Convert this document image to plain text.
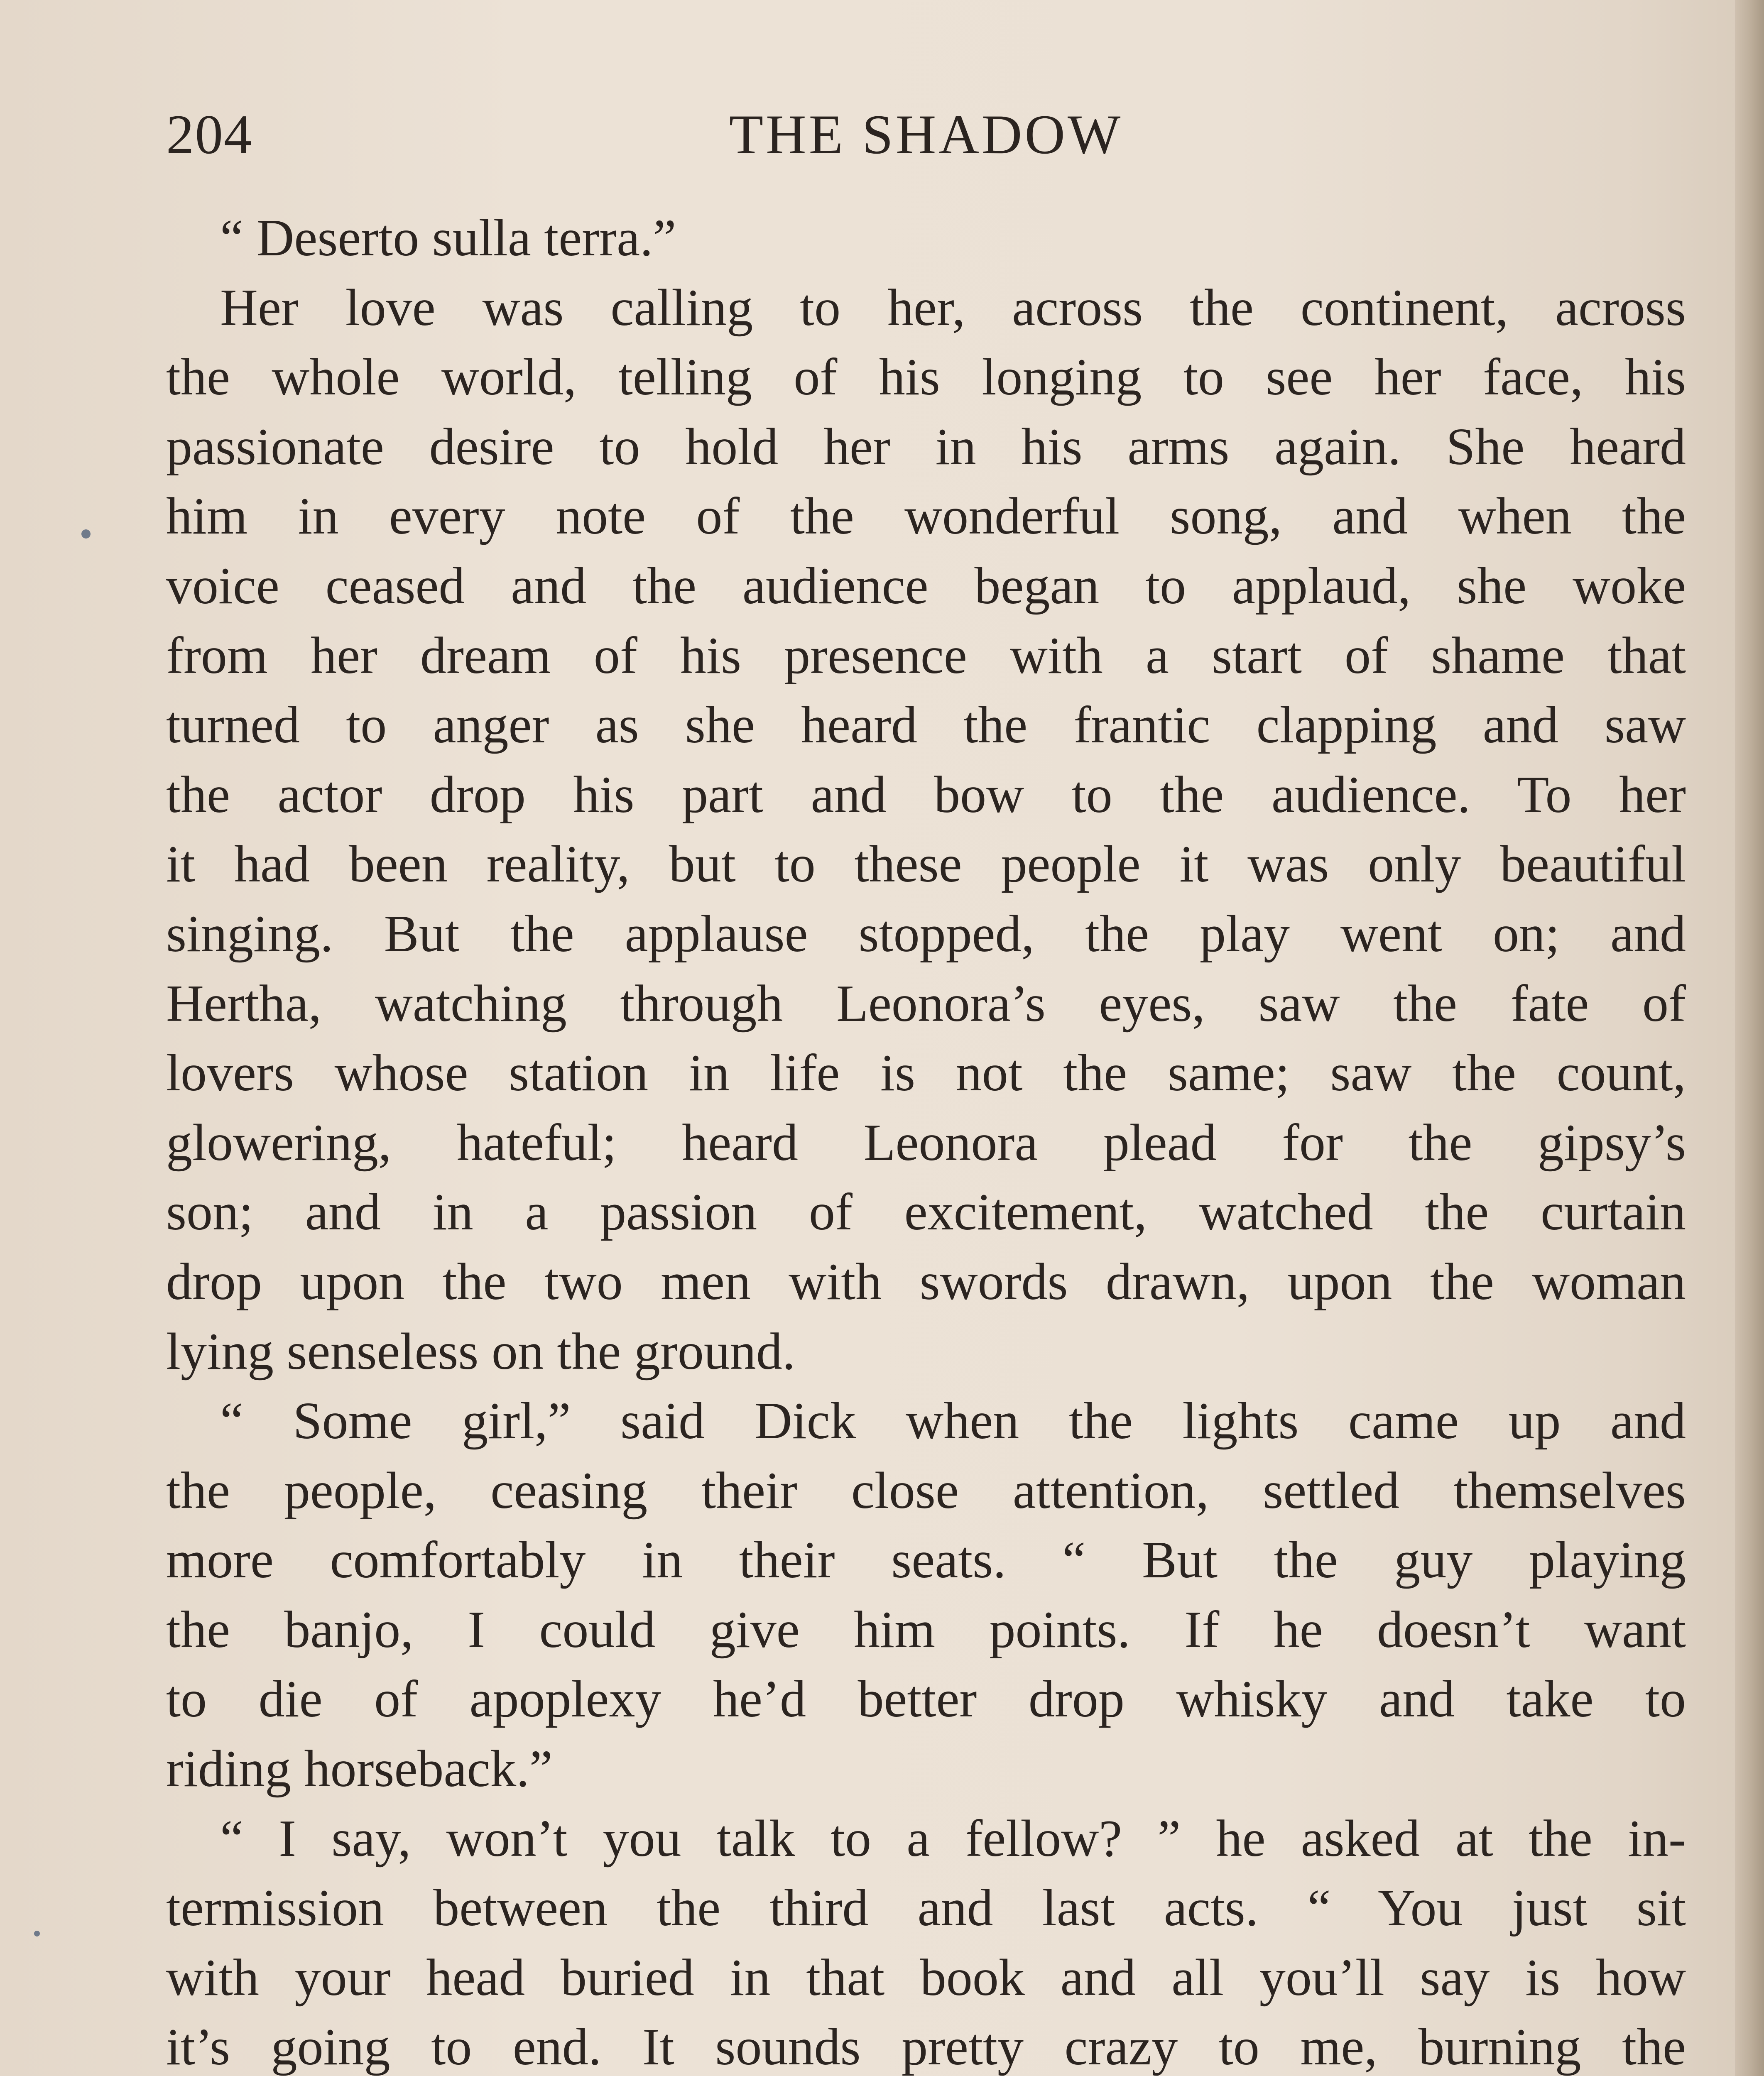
204	THE SHADOW
“ Deserto sulla terra.”
Her love was calling to her, across the continent, across
the whole world, telling of his longing to see her face, his
passionate desire to hold her in his arms again. She heard
him in every note of the wonderful song, and when the
voice ceased and the audience began to applaud, she woke
from her dream of his presence with a start of shame that
turned to anger as she heard the frantic clapping and saw
the actor drop his part and bow to the audience. To her
it had been reality, but to these people it was only beautiful
singing. But the applause stopped, the play went on; and
Hertha, watching through Leonora’s eyes, saw the fate of
lovers whose station in life is not the same; saw the count,
glowering, hateful; heard Leonora plead for the gipsy’s
son; and in a passion of excitement, watched the curtain
drop upon the two men with swords drawn, upon the woman
lying senseless on the ground.
“ Some girl,” said Dick when the lights came up and
the people, ceasing their close attention, settled themselves
more comfortably in their seats. “ But the guy playing
the banjo, I could give him points. If he doesn’t want
to die of apoplexy he’d better drop whisky and take to
riding horseback.”
“ I say, won’t you talk to a fellow? ” he asked at the in-
termission between the third and last acts. “ You just sit
with your head buried in that book and all you’ll say is how
it’s going to end. It sounds pretty crazy to me, burning the
